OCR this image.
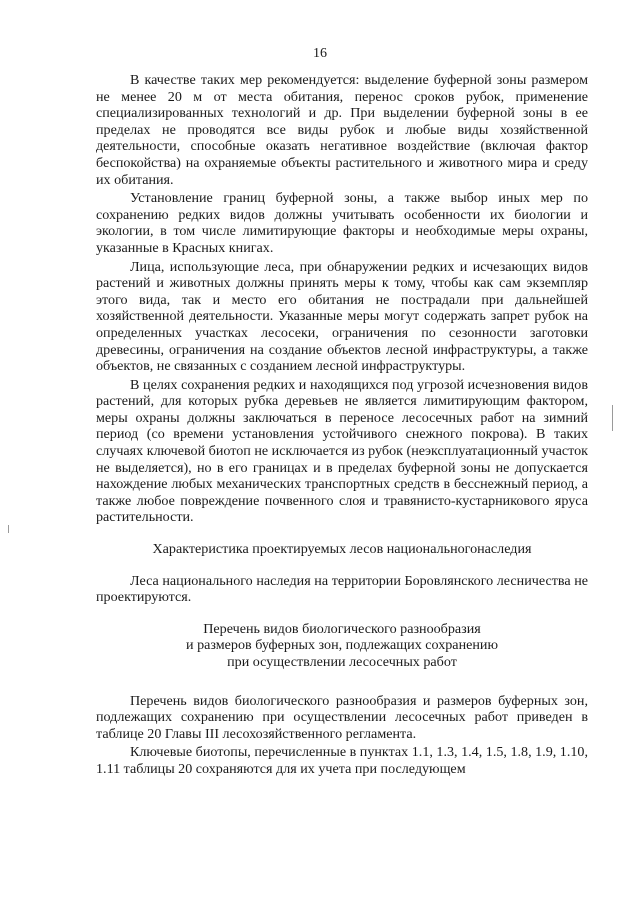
16

В качестве таких мер рекомендуется: выделение буферной зоны размером не менее 20 м от места обитания, перенос сроков рубок, применение специализированных технологий и др. При выделении буферной зоны в ее пределах не проводятся все виды рубок и любые виды хозяйственной деятельности, способные оказать негативное воздействие (включая фактор беспокойства) на охраняемые объекты растительного и животного мира и среду их обитания.

Установление границ буферной зоны, а также выбор иных мер по сохранению редких видов должны учитывать особенности их биологии и экологии, в том числе лимитирующие факторы и необходимые меры охраны, указанные в Красных книгах.

Лица, использующие леса, при обнаружении редких и исчезающих видов растений и животных должны принять меры к тому, чтобы как сам экземпляр этого вида, так и место его обитания не пострадали при дальнейшей хозяйственной деятельности. Указанные меры могут содержать запрет рубок на определенных участках лесосеки, ограничения по сезонности заготовки древесины, ограничения на создание объектов лесной инфраструктуры, а также объектов, не связанных с созданием лесной инфраструктуры.

В целях сохранения редких и находящихся под угрозой исчезновения видов растений, для которых рубка деревьев не является лимитирующим фактором, меры охраны должны заключаться в переносе лесосечных работ на зимний период (со времени установления устойчивого снежного покрова). В таких случаях ключевой биотоп не исключается из рубок (неэксплуатационный участок не выделяется), но в его границах и в пределах буферной зоны не допускается нахождение любых механических транспортных средств в бесснежный период, а также любое повреждение почвенного слоя и травянисто-кустарникового яруса растительности.

Характеристика проектируемых лесов национальногонаследия

Леса национального наследия на территории Боровлянского лесничества не проектируются.

Перечень видов биологического разнообразия

и размеров буферных зон, подлежащих сохранению

при осуществлении лесосечных работ

Перечень видов биологического разнообразия и размеров буферных зон, подлежащих сохранению при осуществлении лесосечных работ приведен в таблице 20 Главы III лесохозяйственного регламента.

Ключевые биотопы, перечисленные в пунктах 1.1, 1.3, 1.4, 1.5, 1.8, 1.9, 1.10, 1.11 таблицы 20 сохраняются для их учета при последующем
